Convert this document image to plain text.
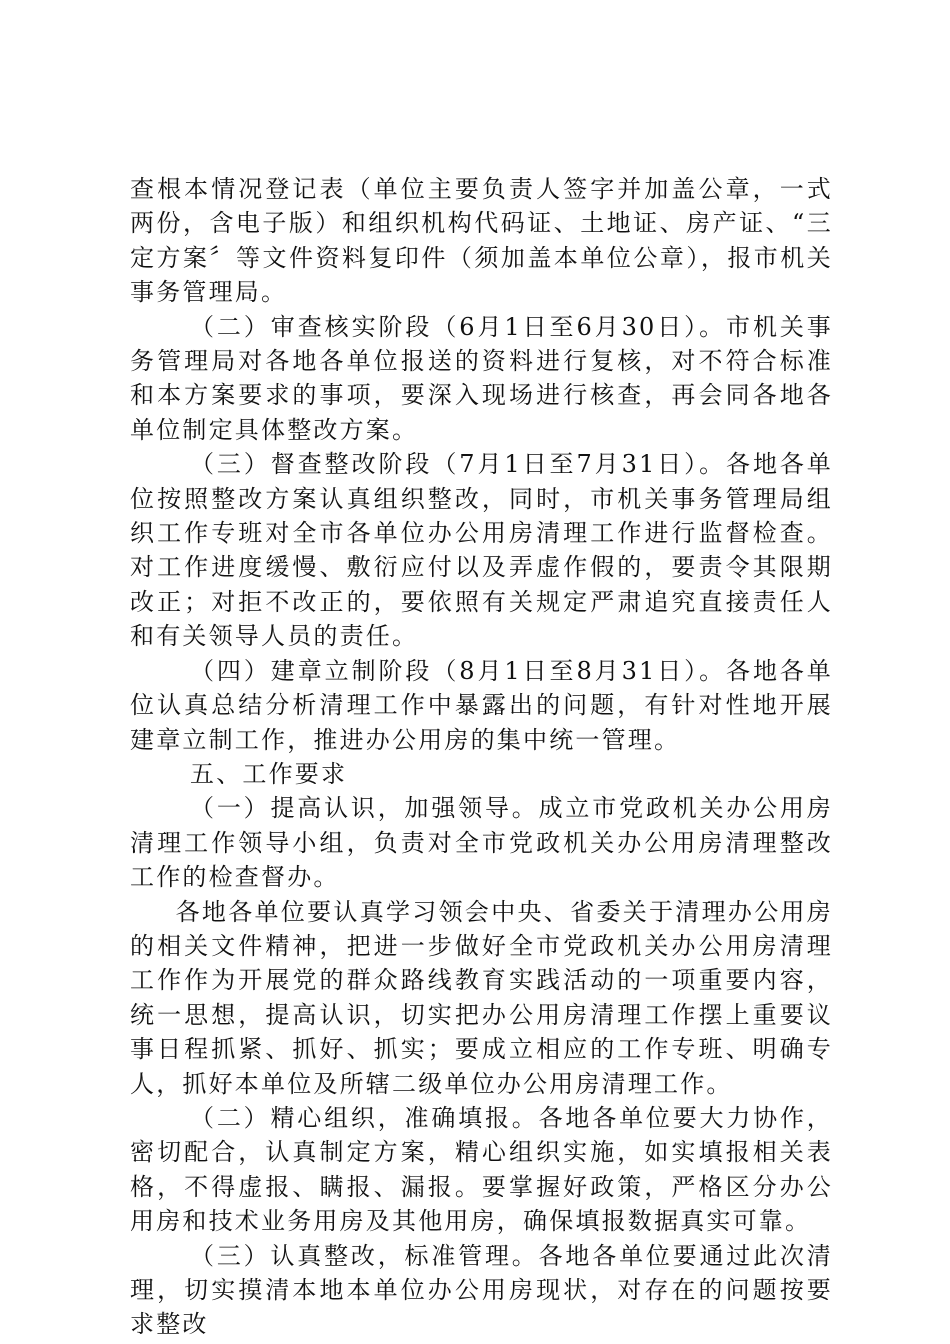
查根本情况登记表（单位主要负责人签字并加盖公章，一式两份，含电子版）和组织机构代码证、土地证、房产证、“三定方案〞等文件资料复印件（须加盖本单位公章），报市机关事务管理局。

（二）审查核实阶段（6月1日至6月30日）。市机关事务管理局对各地各单位报送的资料进行复核，对不符合标准和本方案要求的事项，要深入现场进行核查，再会同各地各单位制定具体整改方案。

（三）督查整改阶段（7月1日至7月31日）。各地各单位按照整改方案认真组织整改，同时，市机关事务管理局组织工作专班对全市各单位办公用房清理工作进行监督检查。对工作进度缓慢、敷衍应付以及弄虚作假的，要责令其限期改正；对拒不改正的，要依照有关规定严肃追究直接责任人和有关领导人员的责任。

（四）建章立制阶段（8月1日至8月31日）。各地各单位认真总结分析清理工作中暴露出的问题，有针对性地开展建章立制工作，推进办公用房的集中统一管理。

五、工作要求

（一）提高认识，加强领导。成立市党政机关办公用房清理工作领导小组，负责对全市党政机关办公用房清理整改工作的检查督办。

各地各单位要认真学习领会中央、省委关于清理办公用房的相关文件精神，把进一步做好全市党政机关办公用房清理工作作为开展党的群众路线教育实践活动的一项重要内容，统一思想，提高认识，切实把办公用房清理工作摆上重要议事日程抓紧、抓好、抓实；要成立相应的工作专班、明确专人，抓好本单位及所辖二级单位办公用房清理工作。

（二）精心组织，准确填报。各地各单位要大力协作，密切配合，认真制定方案，精心组织实施，如实填报相关表格，不得虚报、瞒报、漏报。要掌握好政策，严格区分办公用房和技术业务用房及其他用房，确保填报数据真实可靠。

（三）认真整改，标准管理。各地各单位要通过此次清理，切实摸清本地本单位办公用房现状，对存在的问题按要求整改
